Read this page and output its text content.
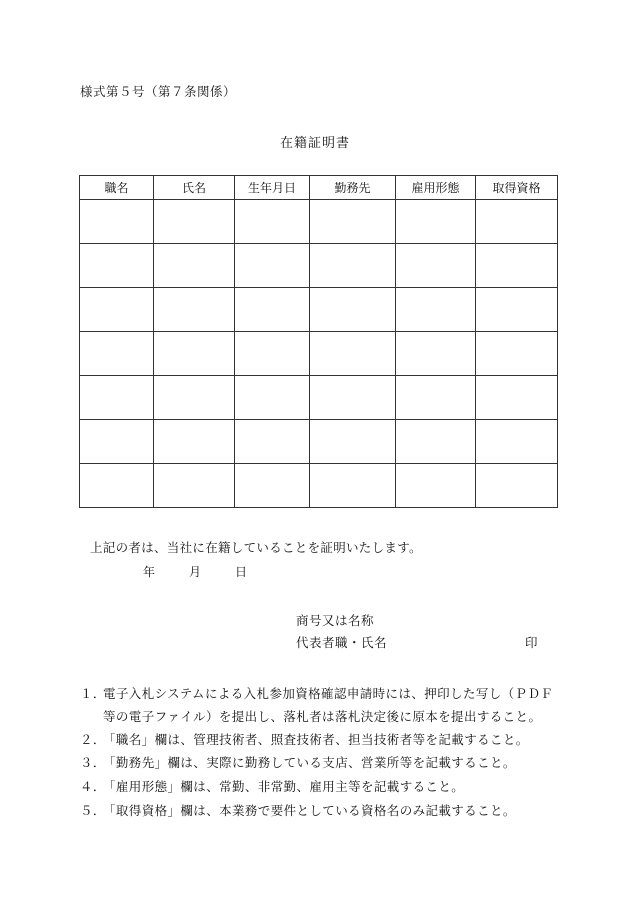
様式第５号（第７条関係）
在籍証明書
職名	氏名	生年月日	勤務先	雇用形態	取得資格

上記の者は、当社に在籍していることを証明いたします。
年	月	日
商号又は名称
代表者職・氏名	印
１．電子入札システムによる入札参加資格確認申請時には、押印した写し（ＰＤＦ
等の電子ファイル）を提出し、落札者は落札決定後に原本を提出すること。
２．「職名」欄は、管理技術者、照査技術者、担当技術者等を記載すること。
３．「勤務先」欄は、実際に勤務している支店、営業所等を記載すること。
４．「雇用形態」欄は、常勤、非常勤、雇用主等を記載すること。
５．「取得資格」欄は、本業務で要件としている資格名のみ記載すること。
